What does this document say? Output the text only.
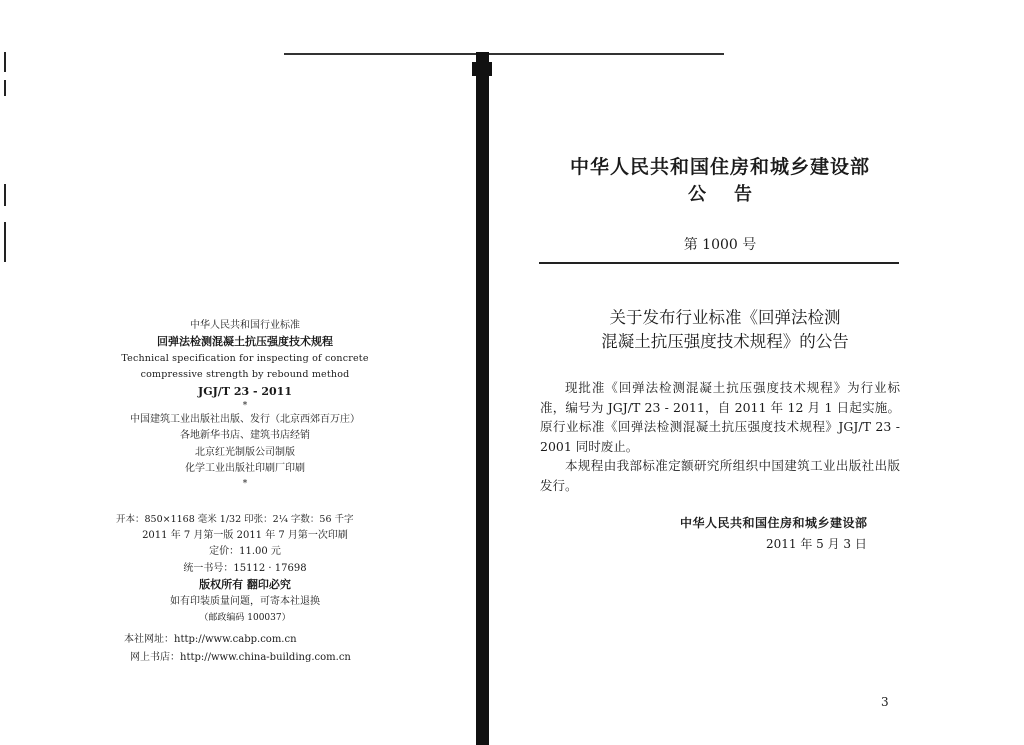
中华人民共和国行业标准
回弹法检测混凝土抗压强度技术规程
Technical specification for inspecting of concrete
compressive strength by rebound method
JGJ/T 23 - 2011
*
中国建筑工业出版社出版、发行（北京西郊百万庄）
各地新华书店、建筑书店经销
北京红光制版公司制版
化学工业出版社印刷厂印刷
*
开本：850×1168 毫米 1/32 印张：2¼ 字数：56 千字
2011 年 7 月第一版 2011 年 7 月第一次印刷
定价：11.00 元
统一书号：15112 · 17698
版权所有 翻印必究
如有印装质量问题，可寄本社退换
（邮政编码 100037）
本社网址：http://www.cabp.com.cn
网上书店：http://www.china-building.com.cn
中华人民共和国住房和城乡建设部
公告
第 1000 号
关于发布行业标准《回弹法检测
混凝土抗压强度技术规程》的公告

现批准《回弹法检测混凝土抗压强度技术规程》为行业标准，编号为 JGJ/T 23 - 2011，自 2011 年 12 月 1 日起实施。原行业标准《回弹法检测混凝土抗压强度技术规程》JGJ/T 23 - 2001 同时废止。

本规程由我部标准定额研究所组织中国建筑工业出版社出版发行。

中华人民共和国住房和城乡建设部
2011 年 5 月 3 日
3
